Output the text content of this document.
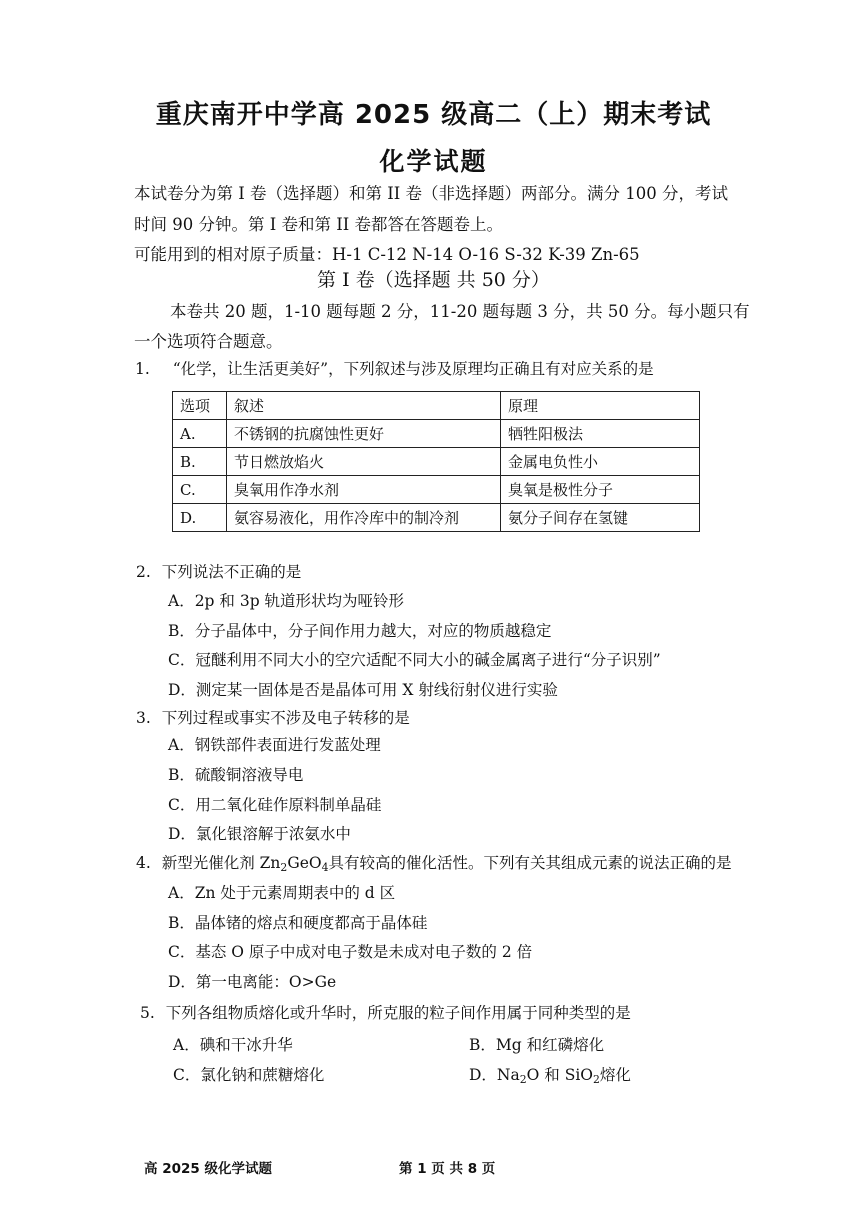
重庆南开中学高 2025 级高二（上）期末考试
化学试题
本试卷分为第 I 卷（选择题）和第 II 卷（非选择题）两部分。满分 100 分，考试
时间 90 分钟。第 I 卷和第 II 卷都答在答题卷上。
可能用到的相对原子质量：H-1 C-12 N-14 O-16 S-32 K-39 Zn-65
第 I 卷（选择题 共 50 分）
本卷共 20 题，1-10 题每题 2 分，11-20 题每题 3 分，共 50 分。每小题只有
一个选项符合题意。
1. “化学，让生活更美好”，下列叙述与涉及原理均正确且有对应关系的是
选项	叙述	原理
A.	不锈钢的抗腐蚀性更好	牺牲阳极法
B.	节日燃放焰火	金属电负性小
C.	臭氧用作净水剂	臭氧是极性分子
D.	氨容易液化，用作冷库中的制冷剂	氨分子间存在氢键
2. 下列说法不正确的是
A．2p 和 3p 轨道形状均为哑铃形
B．分子晶体中，分子间作用力越大，对应的物质越稳定
C．冠醚利用不同大小的空穴适配不同大小的碱金属离子进行“分子识别”
D．测定某一固体是否是晶体可用 X 射线衍射仪进行实验
3. 下列过程或事实不涉及电子转移的是
A．钢铁部件表面进行发蓝处理
B．硫酸铜溶液导电
C．用二氧化硅作原料制单晶硅
D．氯化银溶解于浓氨水中
4. 新型光催化剂 $Zn_2GeO_4$具有较高的催化活性。下列有关其组成元素的说法正确的是
A．Zn 处于元素周期表中的 d 区
B．晶体锗的熔点和硬度都高于晶体硅
C．基态 O 原子中成对电子数是未成对电子数的 2 倍
D．第一电离能：O>Ge
5. 下列各组物质熔化或升华时，所克服的粒子间作用属于同种类型的是
A．碘和干冰升华	B．Mg 和红磷熔化
C．氯化钠和蔗糖熔化	D．$Na_2O$ 和 SiO$_2$熔化
高 2025 级化学试题	第 1 页 共 8 页
